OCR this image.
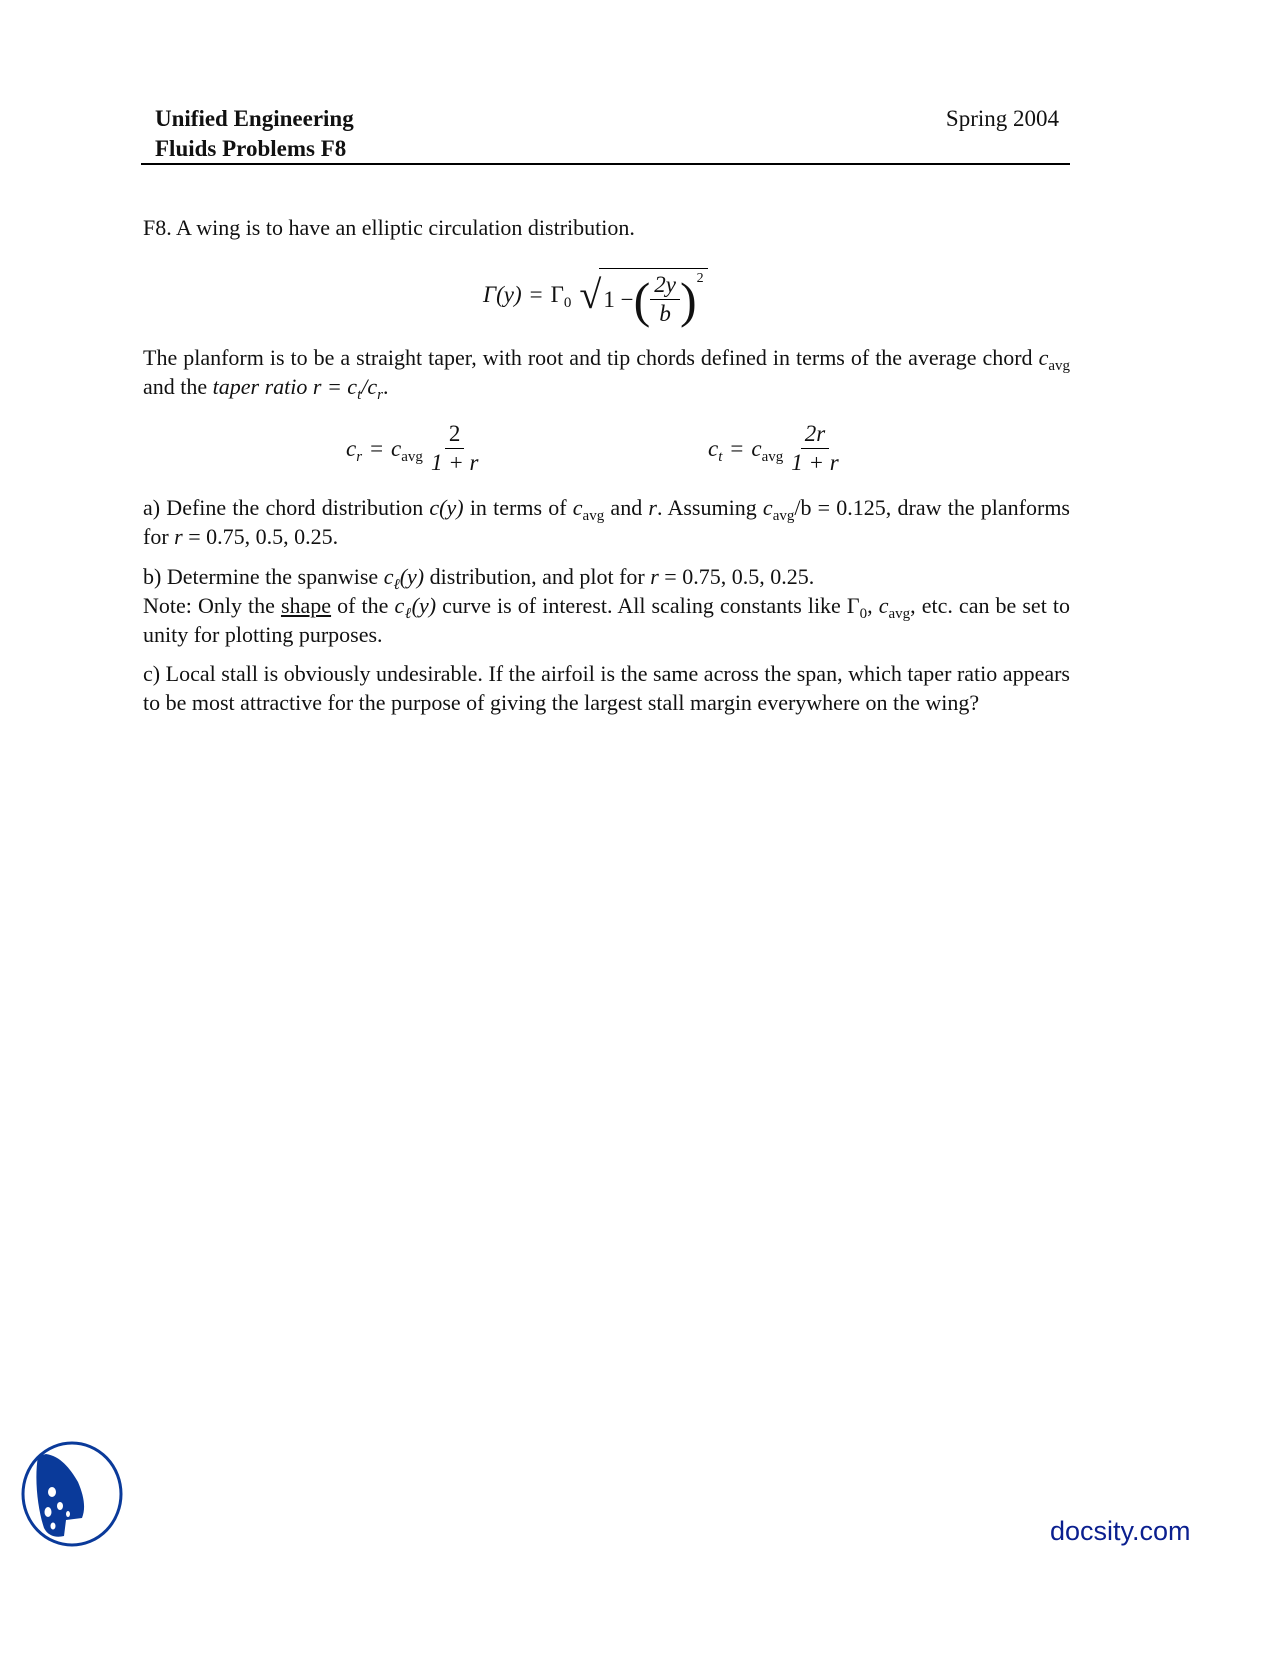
Unified Engineering
Fluids Problems F8
Spring 2004
F8. A wing is to have an elliptic circulation distribution.
$\Gamma(y) = \Gamma_0$ √ 1 − ( $\frac{2y}{b} )^2$
The planform is to be a straight taper, with root and tip chords defined in terms of the average chord $c_{avg}$ and the taper ratio $r = c_t/c_r$.
$c_r = c_{avg} \frac{2}{1 + r}$	$c_t = c_{avg} \frac{2r}{1 + r}$
a) Define the chord distribution c(y) in terms of $c_{avg}$ and r. Assuming $c_{avg}/b = 0.125$, draw the planforms for r = 0.75, 0.5, 0.25.
b) Determine the spanwise $c_\ell(y)$ distribution, and plot for r = 0.75, 0.5, 0.25.
Note: Only the shape of the $c_\ell(y)$ curve is of interest. All scaling constants like $\Gamma_0$, $c_{avg}$, etc. can be set to unity for plotting purposes.
c) Local stall is obviously undesirable. If the airfoil is the same across the span, which taper ratio appears to be most attractive for the purpose of giving the largest stall margin everywhere on the wing?
docsity.com
